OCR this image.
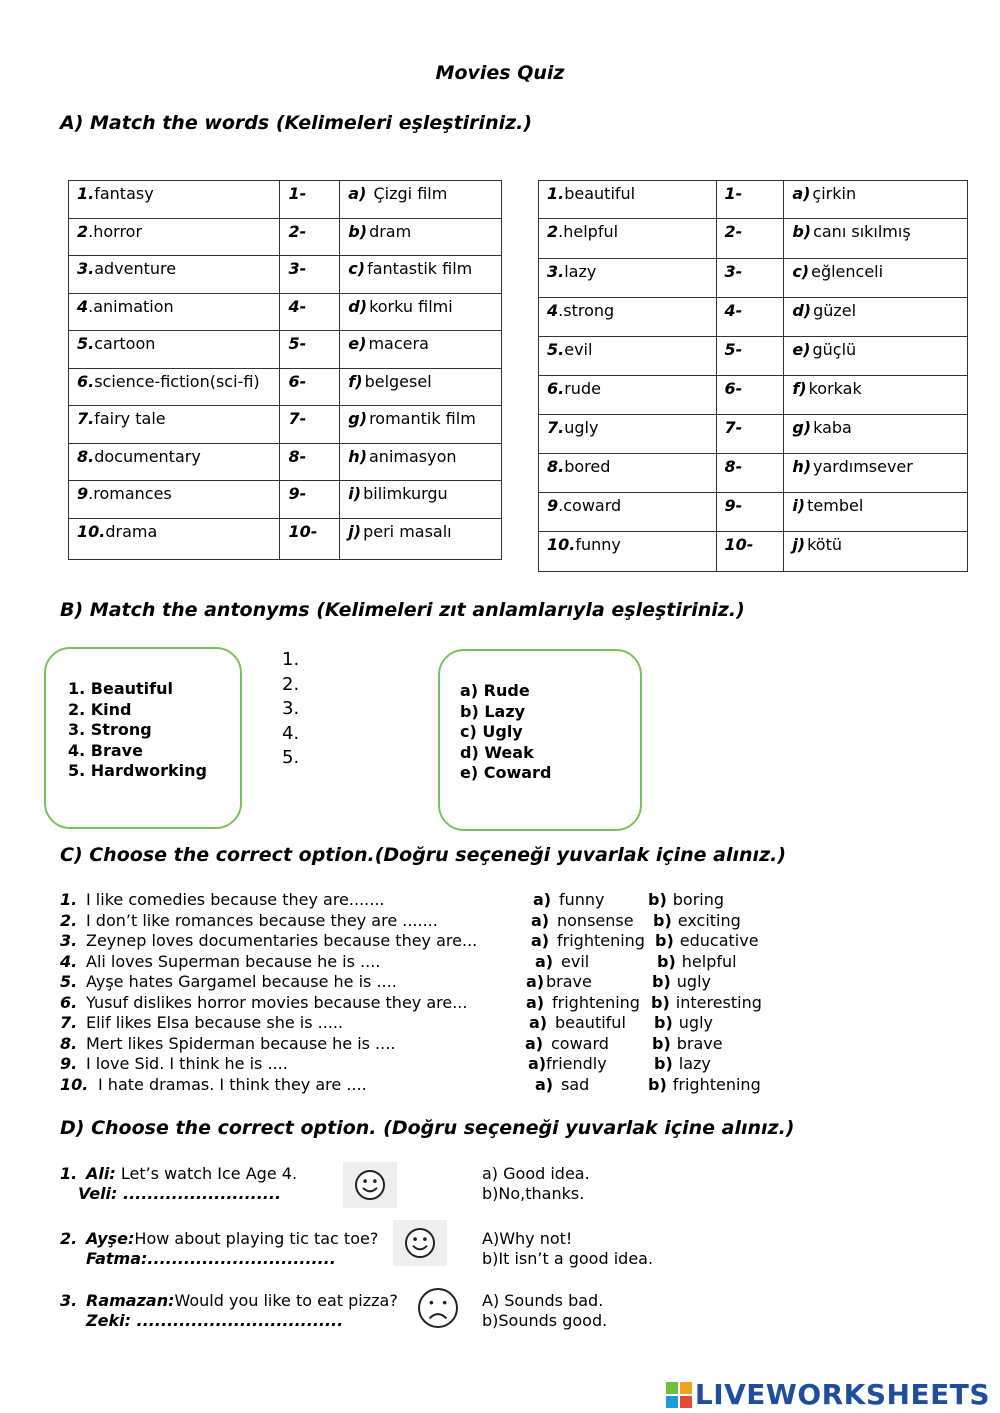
Movies Quiz
A) Match the words (Kelimeleri eşleştiriniz.)
1.fantasy	1-	a) Çizgi film
2.horror	2-	b) dram
3.adventure	3-	c) fantastik film
4.animation	4-	d) korku filmi
5.cartoon	5-	e) macera
6.science-fiction(sci-fi)	6-	f) belgesel
7.fairy tale	7-	g) romantik film
8.documentary	8-	h) animasyon
9.romances	9-	i) bilimkurgu
10.drama	10-	j) peri masalı
1.beautiful	1-	a) çirkin
2.helpful	2-	b) canı sıkılmış
3.lazy	3-	c) eğlenceli
4.strong	4-	d) güzel
5.evil	5-	e) güçlü
6.rude	6-	f) korkak
7.ugly	7-	g) kaba
8.bored	8-	h) yardımsever
9.coward	9-	i) tembel
10.funny	10-	j) kötü
B) Match the antonyms (Kelimeleri zıt anlamlarıyla eşleştiriniz.)
1. Beautiful
2. Kind
3. Strong
4. Brave
5. Hardworking
1.
2.
3.
4.
5.
a) Rude
b) Lazy
c) Ugly
d) Weak
e) Coward
C) Choose the correct option.(Doğru seçeneği yuvarlak içine alınız.)
1. I like comedies because they are.......	a) funny	b) boring
2. I don’t like romances because they are .......	a) nonsense b) exciting
3. Zeynep loves documentaries because they are...	a) frightening b) educative
4. Ali loves Superman because he is ....	a) evil	b) helpful
5. Ayşe hates Gargamel because he is ....	a) brave	b) ugly
6. Yusuf dislikes horror movies because they are...	a) frightening b) interesting
7. Elif likes Elsa because she is .....	a) beautiful b) ugly
8. Mert likes Spiderman because he is ....	a) coward	b) brave
9. I love Sid. I think he is ....	a) friendly	b) lazy
10. I hate dramas. I think they are ....	a) sad	b) frightening
D) Choose the correct option. (Doğru seçeneği yuvarlak içine alınız.)
1. Ali: Let’s watch Ice Age 4.
Veli: ..........................
a) Good idea.
b)No,thanks.
2. Ayşe:How about playing tic tac toe?
Fatma:...............................
A)Why not!
b)It isn’t a good idea.
3. Ramazan:Would you like to eat pizza?
Zeki: ..................................
A) Sounds bad.
b)Sounds good.
LIVEWORKSHEETS
